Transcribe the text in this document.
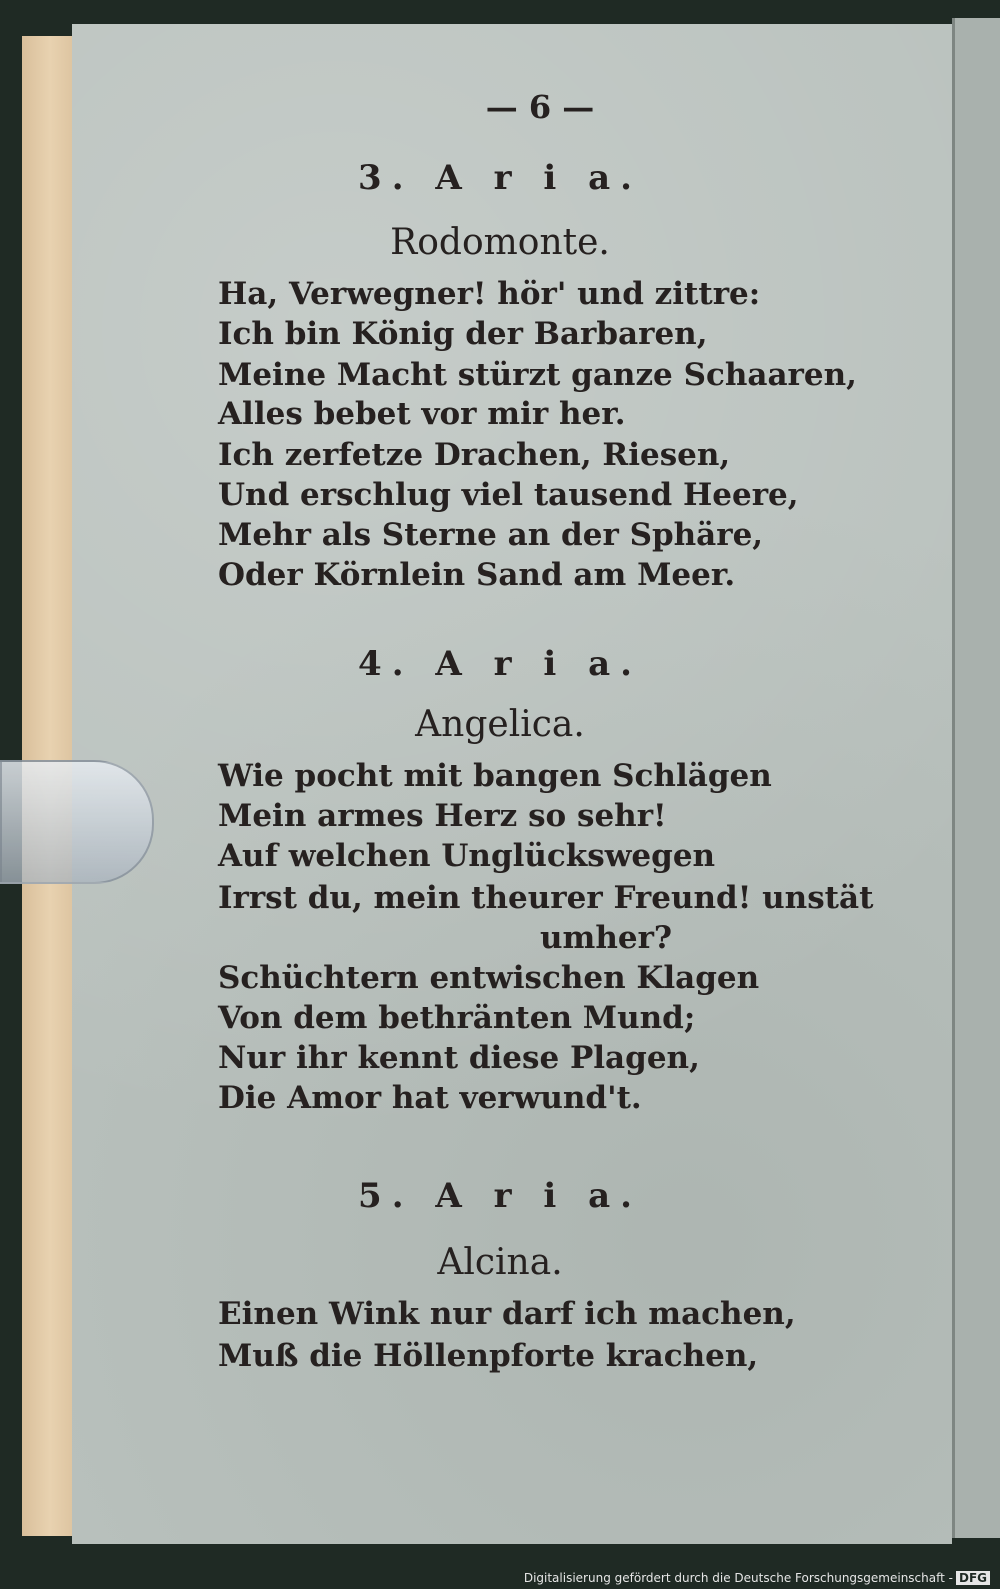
— 6 —
3. A r i a.
Rodomonte.
Ha, Verwegner! hör' und zittre:
Ich bin König der Barbaren,
Meine Macht stürzt ganze Schaaren,
Alles bebet vor mir her.
Ich zerfetze Drachen, Riesen,
Und erschlug viel tausend Heere,
Mehr als Sterne an der Sphäre,
Oder Körnlein Sand am Meer.
4. A r i a.
Angelica.
Wie pocht mit bangen Schlägen
Mein armes Herz so sehr!
Auf welchen Unglückswegen
Irrst du, mein theurer Freund! unstät
umher?
Schüchtern entwischen Klagen
Von dem bethränten Mund;
Nur ihr kennt diese Plagen,
Die Amor hat verwund't.
5. A r i a.
Alcina.
Einen Wink nur darf ich machen,
Muß die Höllenpforte krachen,
Digitalisierung gefördert durch die Deutsche Forschungsgemeinschaft - DFG
